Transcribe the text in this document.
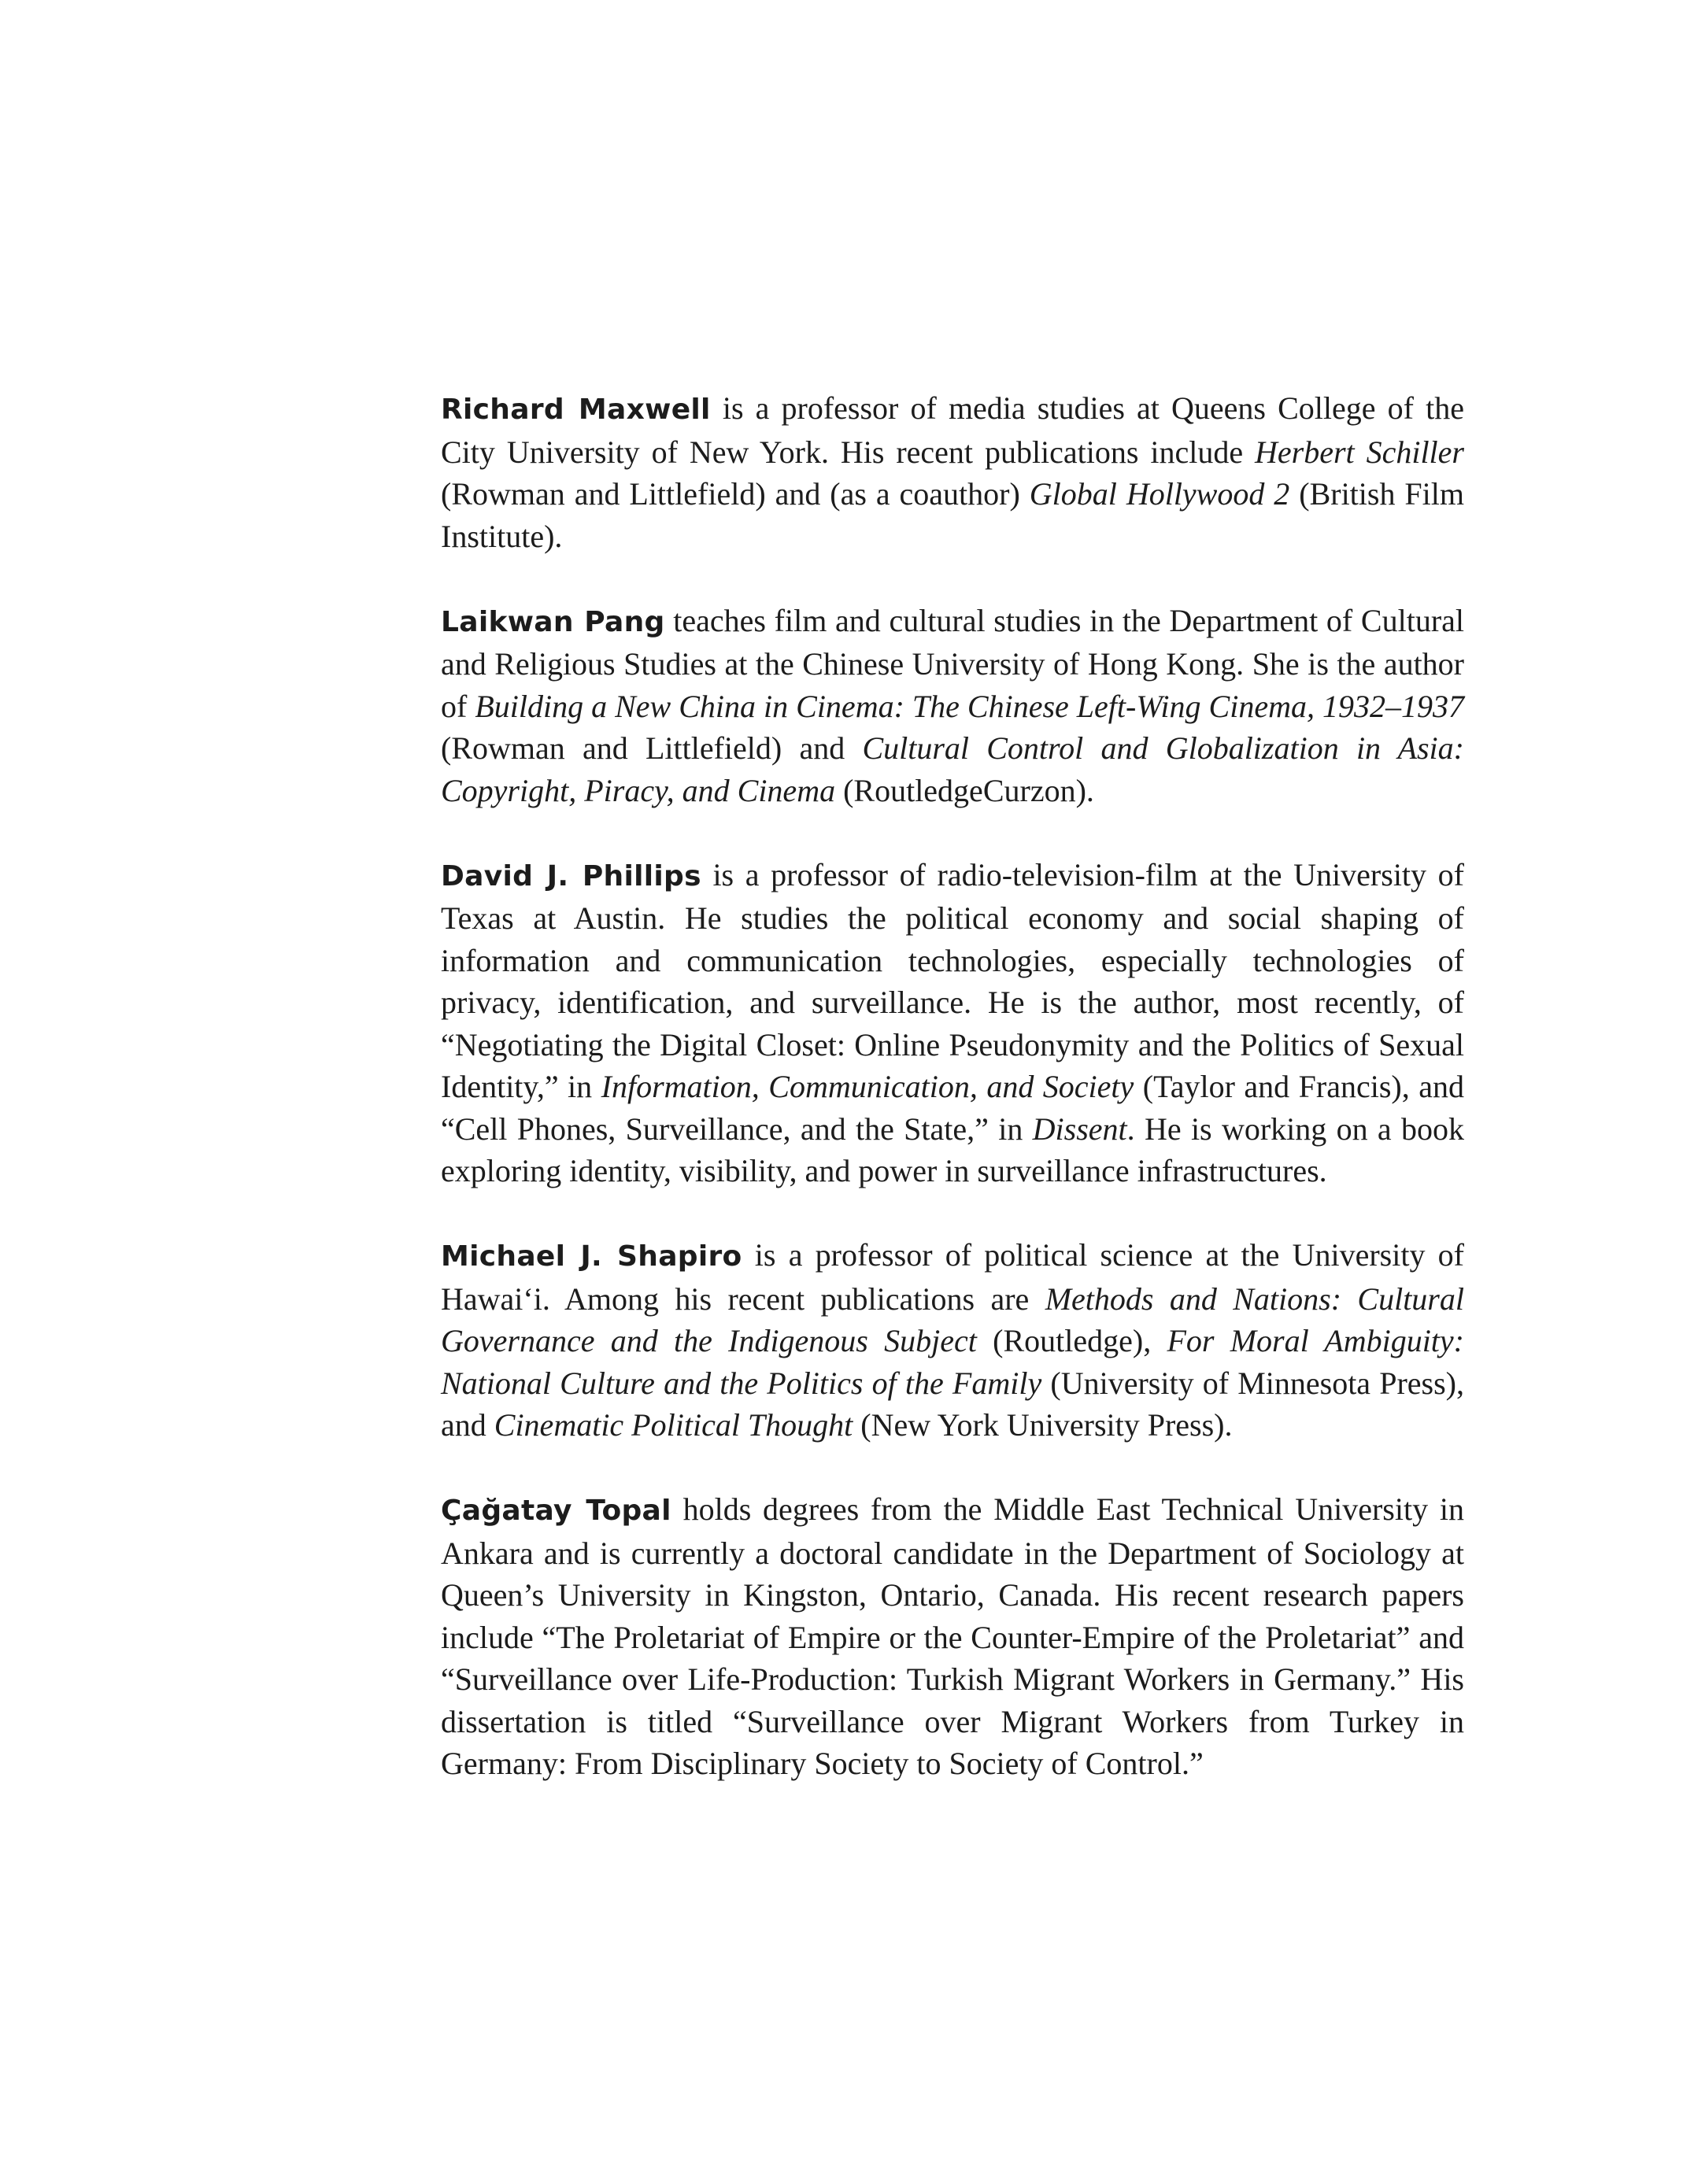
Richard Maxwell is a professor of media studies at Queens College of the City University of New York. His recent publications include Herbert Schiller (Rowman and Littlefield) and (as a coauthor) Global Hollywood 2 (British Film Institute).

Laikwan Pang teaches film and cultural studies in the Department of Cultural and Religious Studies at the Chinese University of Hong Kong. She is the author of Building a New China in Cinema: The Chinese Left-Wing Cinema, 1932–1937 (Rowman and Littlefield) and Cultural Control and Globalization in Asia: Copyright, Piracy, and Cinema (RoutledgeCurzon).

David J. Phillips is a professor of radio-television-film at the University of Texas at Austin. He studies the political economy and social shaping of information and communication technologies, especially technologies of privacy, identification, and surveillance. He is the author, most recently, of “Negotiating the Digital Closet: Online Pseudonymity and the Politics of Sexual Identity,” in Information, Communication, and Society (Taylor and Francis), and “Cell Phones, Surveillance, and the State,” in Dissent. He is working on a book exploring identity, visibility, and power in surveillance infrastructures.

Michael J. Shapiro is a professor of political science at the University of Hawai‘i. Among his recent publications are Methods and Nations: Cultural Governance and the Indigenous Subject (Routledge), For Moral Ambiguity: National Culture and the Politics of the Family (University of Minnesota Press), and Cinematic Political Thought (New York University Press).

Çağatay Topal holds degrees from the Middle East Technical University in Ankara and is currently a doctoral candidate in the Department of Sociology at Queen’s University in Kingston, Ontario, Canada. His recent research papers include “The Proletariat of Empire or the Counter-Empire of the Proletariat” and “Surveillance over Life-Production: Turkish Migrant Workers in Germany.” His dissertation is titled “Surveillance over Migrant Workers from Turkey in Germany: From Disciplinary Society to Society of Control.”
